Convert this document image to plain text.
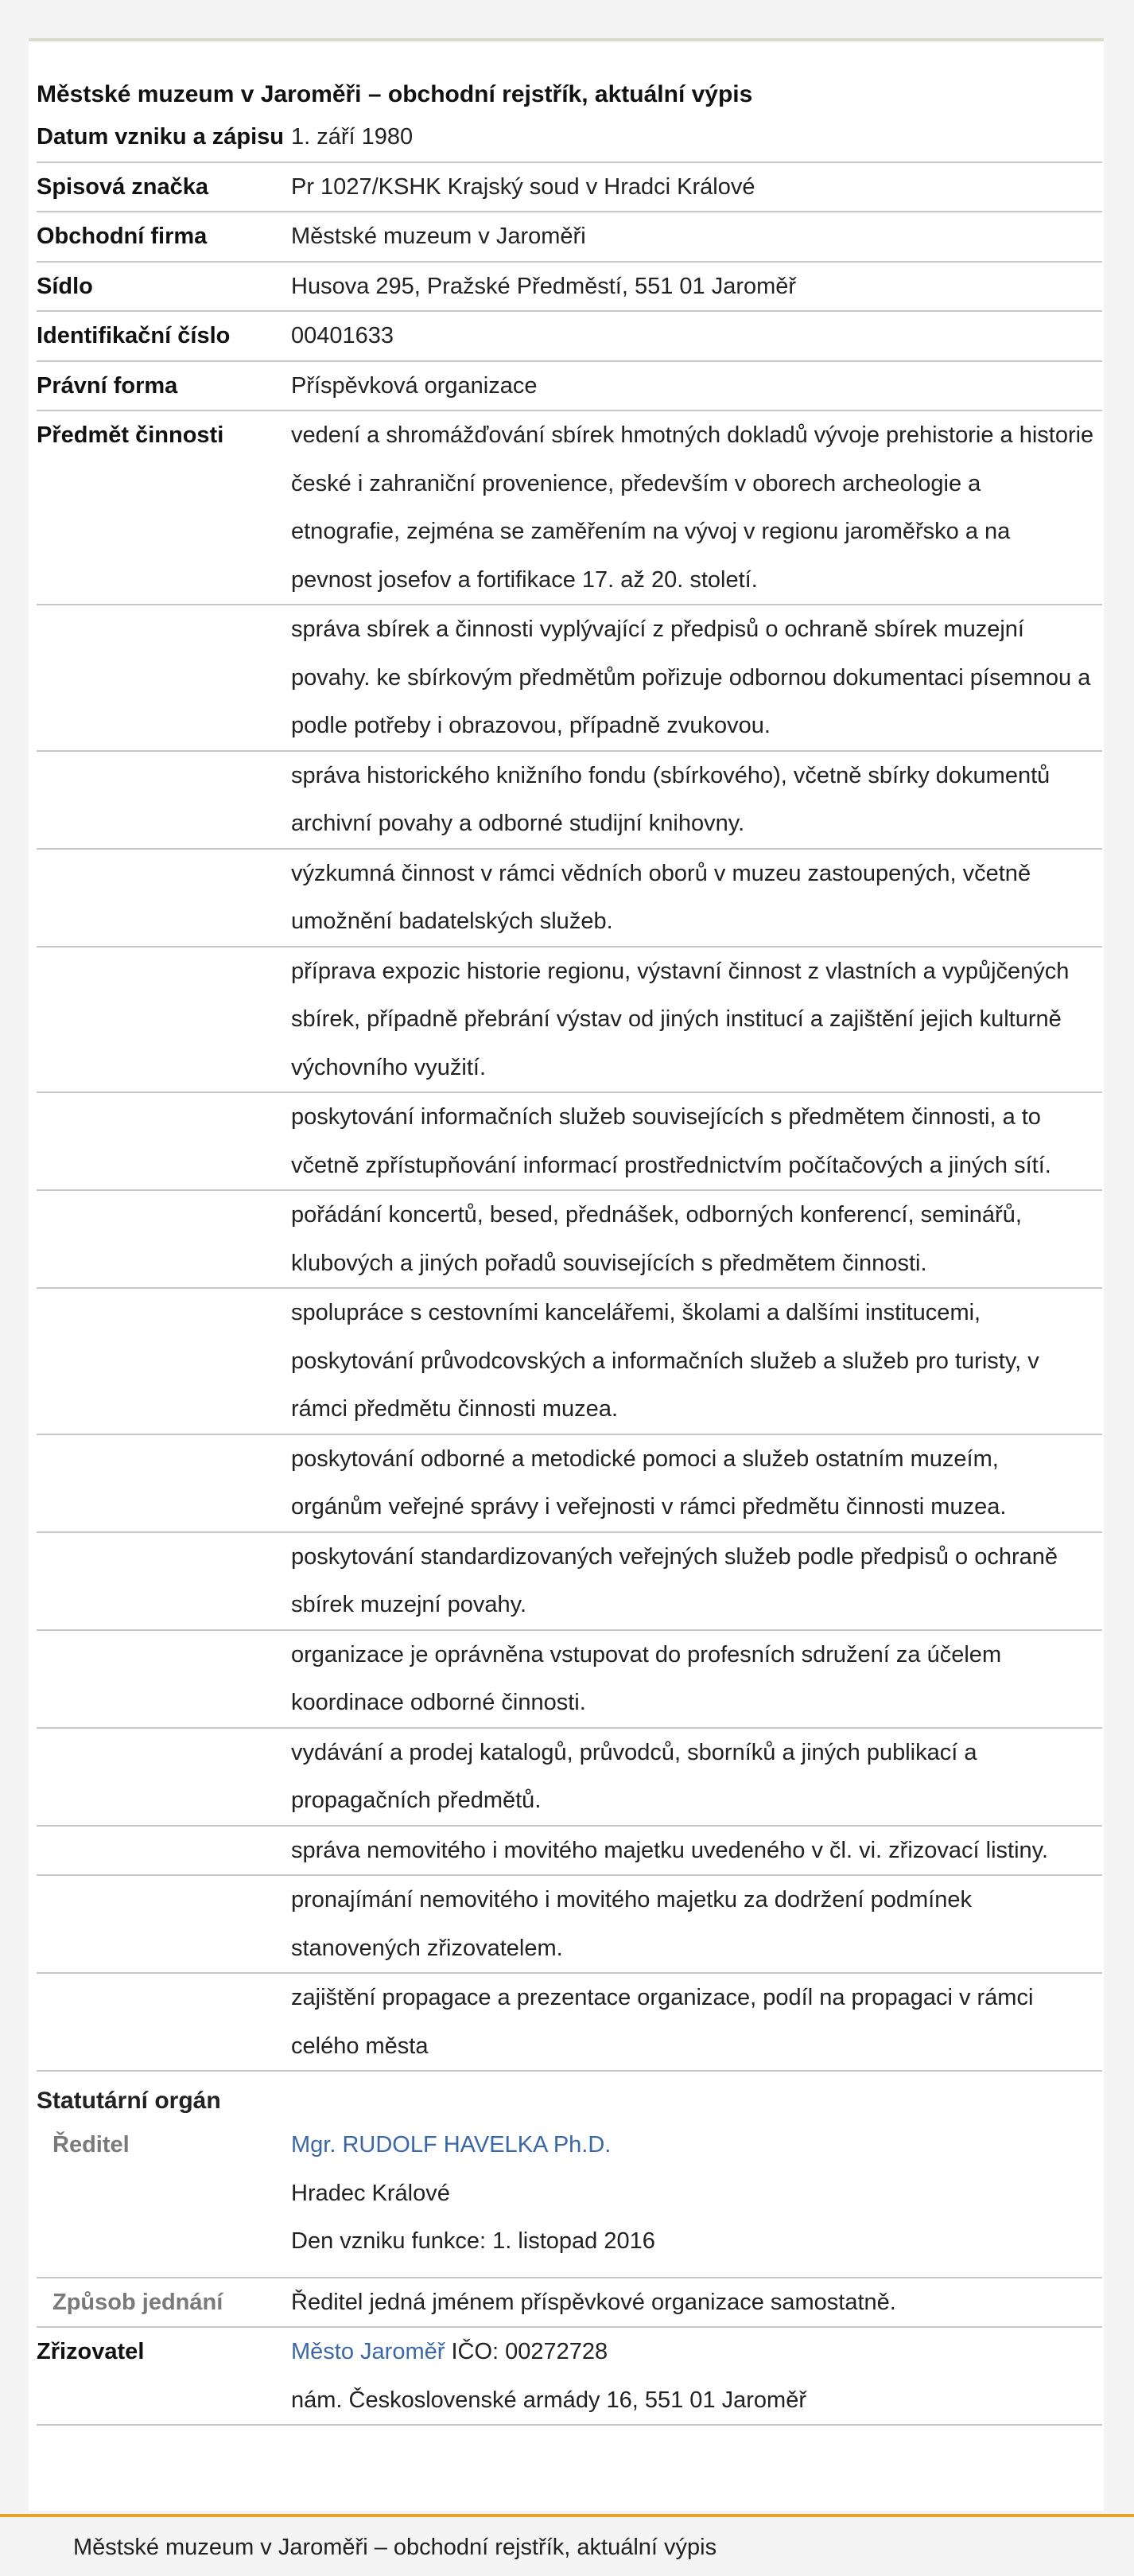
Městské muzeum v Jaroměři – obchodní rejstřík, aktuální výpis
Datum vzniku a zápisu	1. září 1980
Spisová značka	Pr 1027/KSHK Krajský soud v Hradci Králové
Obchodní firma	Městské muzeum v Jaroměři
Sídlo	Husova 295, Pražské Předměstí, 551 01 Jaroměř
Identifikační číslo	00401633
Právní forma	Příspěvková organizace
Předmět činnosti	vedení a shromážďování sbírek hmotných dokladů vývoje prehistorie a historie české i zahraniční provenience, především v oborech archeologie a etnografie, zejména se zaměřením na vývoj v regionu jaroměřsko a na pevnost josefov a fortifikace 17. až 20. století.
	správa sbírek a činnosti vyplývající z předpisů o ochraně sbírek muzejní povahy. ke sbírkovým předmětům pořizuje odbornou dokumentaci písemnou a podle potřeby i obrazovou, případně zvukovou.
	správa historického knižního fondu (sbírkového), včetně sbírky dokumentů archivní povahy a odborné studijní knihovny.
	výzkumná činnost v rámci vědních oborů v muzeu zastoupených, včetně umožnění badatelských služeb.
	příprava expozic historie regionu, výstavní činnost z vlastních a vypůjčených sbírek, případně přebrání výstav od jiných institucí a zajištění jejich kulturně výchovního využití.
	poskytování informačních služeb souvisejících s předmětem činnosti, a to včetně zpřístupňování informací prostřednictvím počítačových a jiných sítí.
	pořádání koncertů, besed, přednášek, odborných konferencí, seminářů, klubových a jiných pořadů souvisejících s předmětem činnosti.
	spolupráce s cestovními kancelářemi, školami a dalšími institucemi, poskytování průvodcovských a informačních služeb a služeb pro turisty, v rámci předmětu činnosti muzea.
	poskytování odborné a metodické pomoci a služeb ostatním muzeím, orgánům veřejné správy i veřejnosti v rámci předmětu činnosti muzea.
	poskytování standardizovaných veřejných služeb podle předpisů o ochraně sbírek muzejní povahy.
	organizace je oprávněna vstupovat do profesních sdružení za účelem koordinace odborné činnosti.
	vydávání a prodej katalogů, průvodců, sborníků a jiných publikací a propagačních předmětů.
	správa nemovitého i movitého majetku uvedeného v čl. vi. zřizovací listiny.
	pronajímání nemovitého i movitého majetku za dodržení podmínek stanovených zřizovatelem.
	zajištění propagace a prezentace organizace, podíl na propagaci v rámci celého města
Statutární orgán	
Ředitel	Mgr. RUDOLF HAVELKA Ph.D.
Hradec Králové
Den vzniku funkce: 1. listopad 2016

Způsob jednání	Ředitel jedná jménem příspěvkové organizace samostatně.
Zřizovatel	Město Jaroměř IČO: 00272728
nám. Československé armády 16, 551 01 Jaroměř
Městské muzeum v Jaroměři – obchodní rejstřík, aktuální výpis
